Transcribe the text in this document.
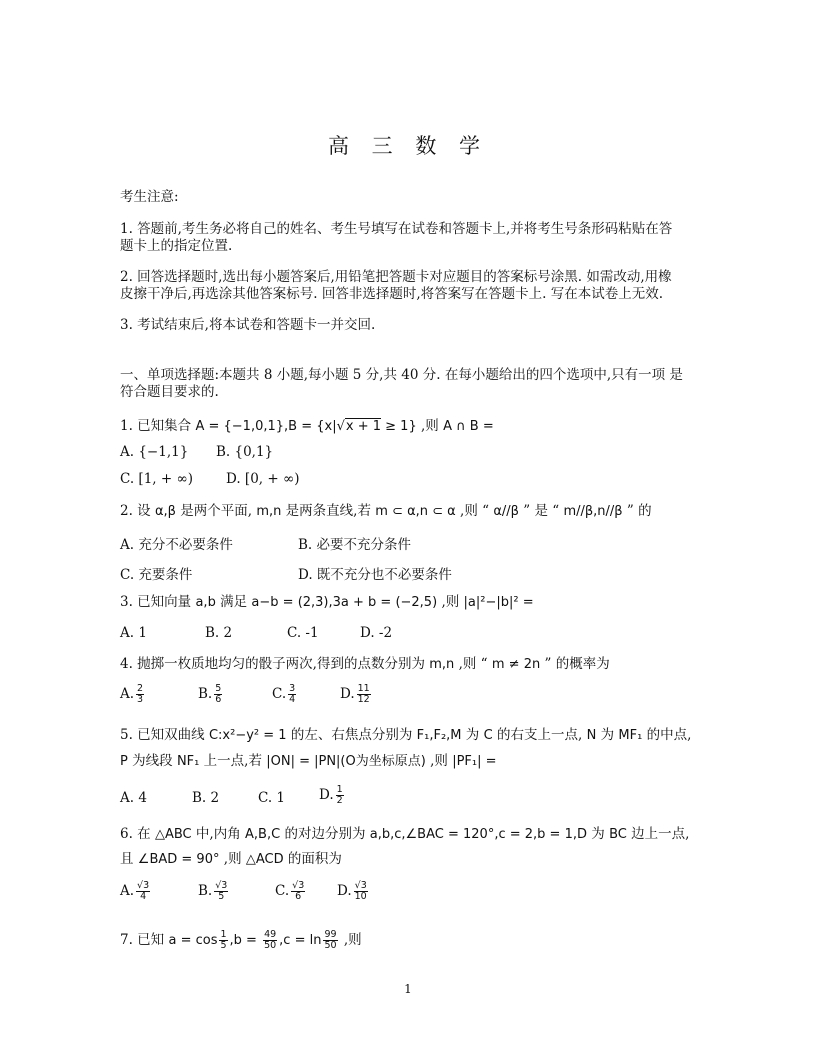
高 三 数 学
考生注意:
1. 答题前,考生务必将自己的姓名、考生号填写在试卷和答题卡上,并将考生号条形码粘贴在答
题卡上的指定位置.
2. 回答选择题时,选出每小题答案后,用铅笔把答题卡对应题目的答案标号涂黑. 如需改动,用橡
皮擦干净后,再选涂其他答案标号. 回答非选择题时,将答案写在答题卡上. 写在本试卷上无效.
3. 考试结束后,将本试卷和答题卡一并交回.
一、单项选择题:本题共 8 小题,每小题 5 分,共 40 分. 在每小题给出的四个选项中,只有一项 是
符合题目要求的.
1. 已知集合 A = {−1,0,1},B = {x|√x + 1 ≥ 1} ,则 A ∩ B =
A. {−1,1} B. {0,1}
C. [1, + ∞) D. [0, + ∞)
2. 设 α,β 是两个平面, m,n 是两条直线,若 m ⊂ α,n ⊂ α ,则 “ α//β ” 是 “ m//β,n//β ” 的
A. 充分不必要条件	B. 必要不充分条件
C. 充要条件	D. 既不充分也不必要条件
3. 已知向量 a,b 满足 a−b = (2,3),3a + b = (−2,5) ,则 |a|²−|b|² =
A. 1	B. 2	C. -1	D. -2
4. 抛掷一枚质地均匀的骰子两次,得到的点数分别为 m,n ,则 “ m ≠ 2n ” 的概率为
A. $\frac{2}{3}$	B. $\frac{5}{6}$	C. $\frac{3}{4}$	D. $\frac{11}{12}$
5. 已知双曲线 C:x²−y² = 1 的左、右焦点分别为 F₁,F₂,M 为 C 的右支上一点, N 为 MF₁ 的中点,
P 为线段 NF₁ 上一点,若 |ON| = |PN|(O为坐标原点) ,则 |PF₁| =
A. 4	B. 2	C. 1	D. $\frac{1}{2}$
6. 在 △ABC 中,内角 A,B,C 的对边分别为 a,b,c,∠BAC = 120°,c = 2,b = 1,D 为 BC 边上一点,
且 ∠BAD = 90° ,则 △ACD 的面积为
A. $\frac{√3}{4}$	B. $\frac{√3}{5}$	C. $\frac{√3}{6} D$. $\frac{√3}{10}$
7. 已知 $a = \cos \frac{1}{5} ,b = \frac{49}{50} ,c = \ln \frac{99}{50}$ ,则
1
